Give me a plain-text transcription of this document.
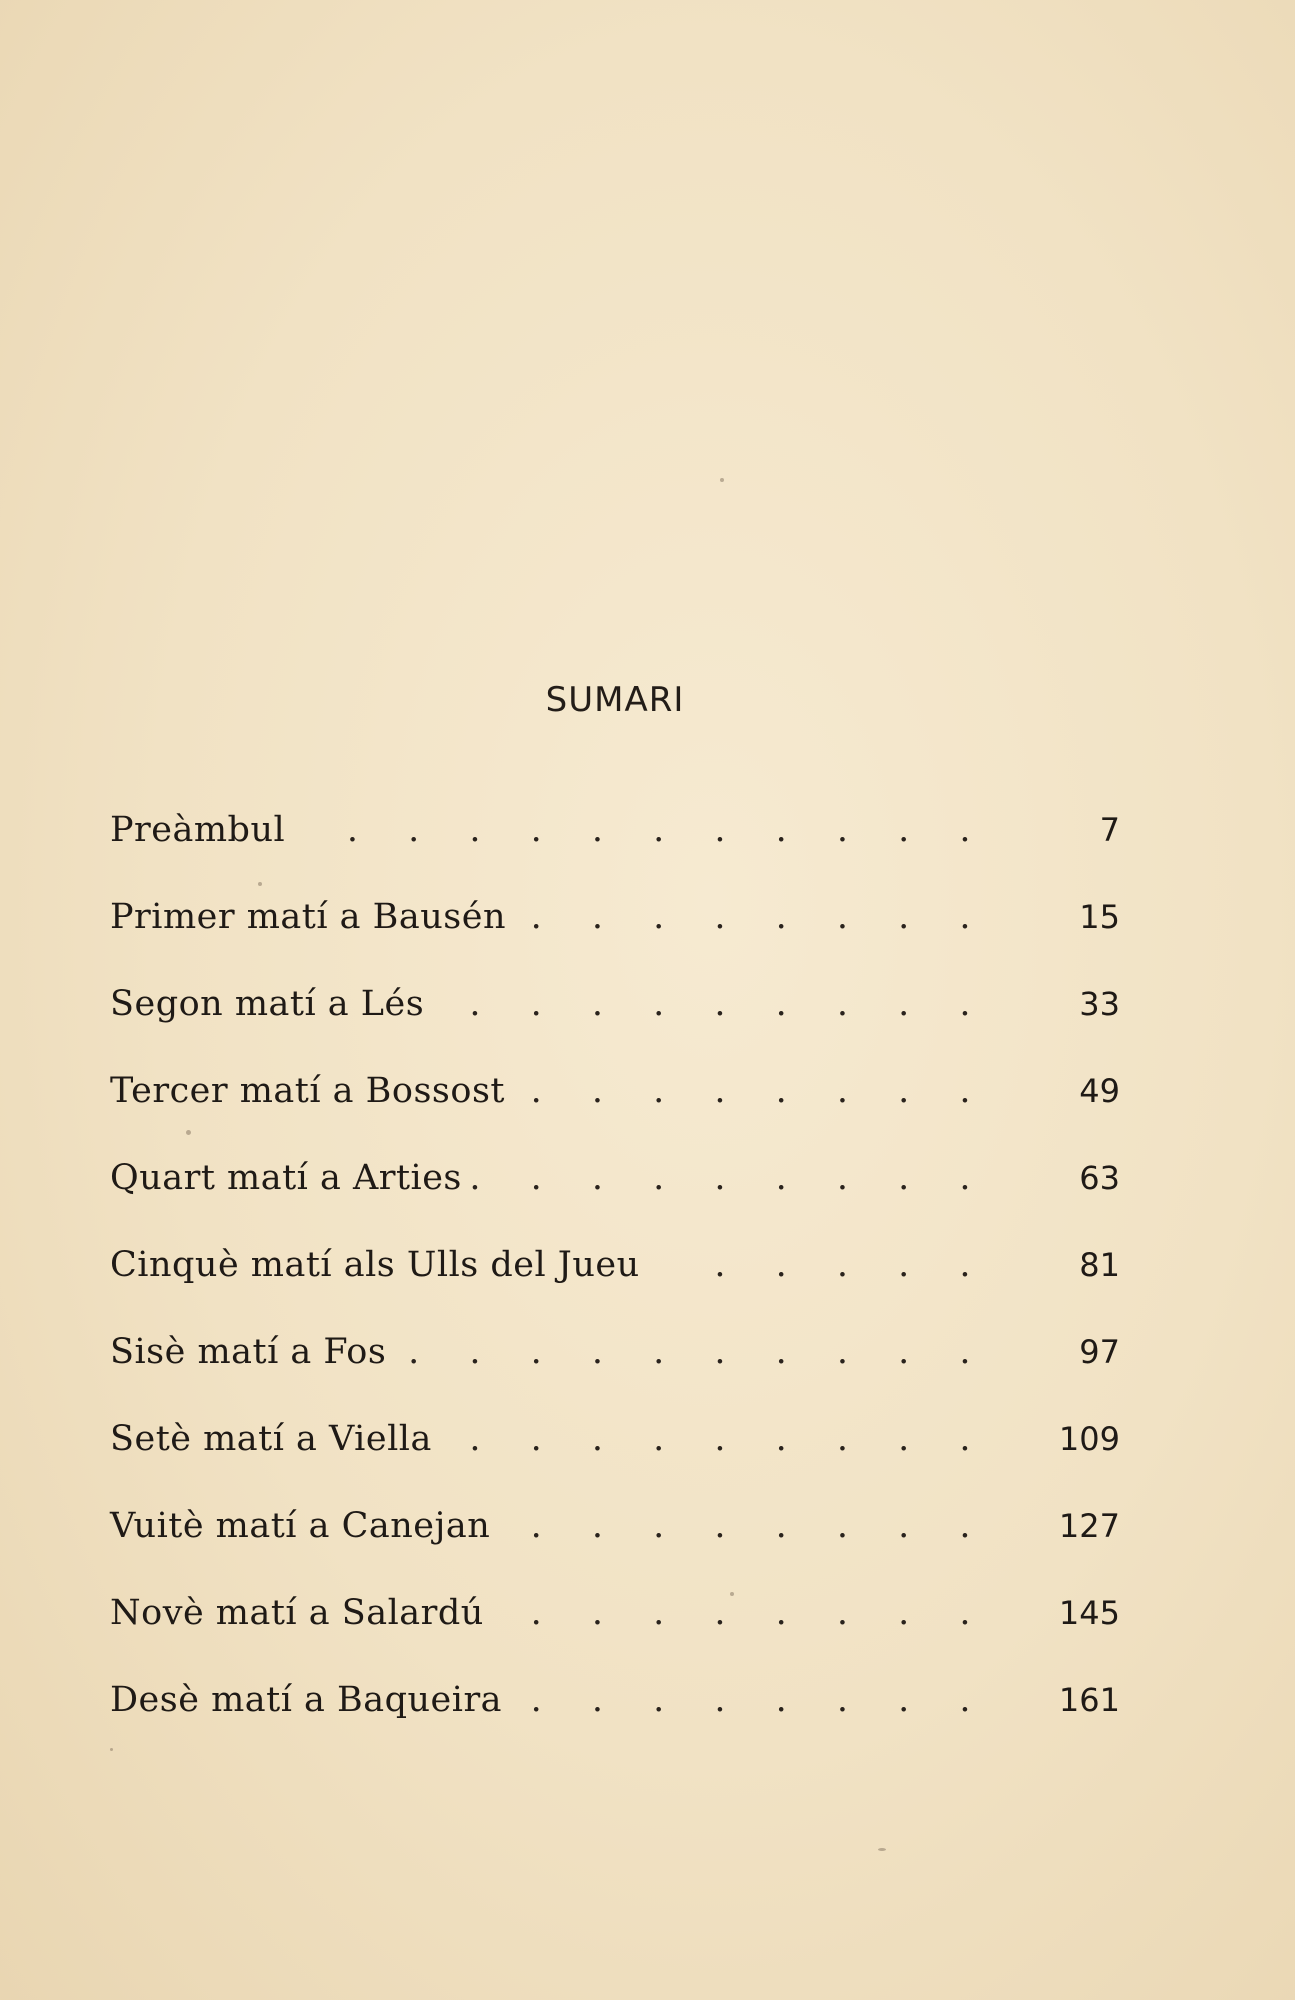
SUMARI
Preàmbul . . . . . . . . . . .	7
Primer matí a Bausén . . . . . . . .	15
Segon matí a Lés . . . . . . . . .	33
Tercer matí a Bossost . . . . . . . .	49
Quart matí a Arties . . . . . . . . .	63
Cinquè matí als Ulls del Jueu . . . . .	81
Sisè matí a Fos . . . . . . . . . .	97
Setè matí a Viella . . . . . . . . .	109
Vuitè matí a Canejan . . . . . . . .	127
Novè matí a Salardú . . . . . . . .	145
Desè matí a Baqueira . . . . . . . .	161
